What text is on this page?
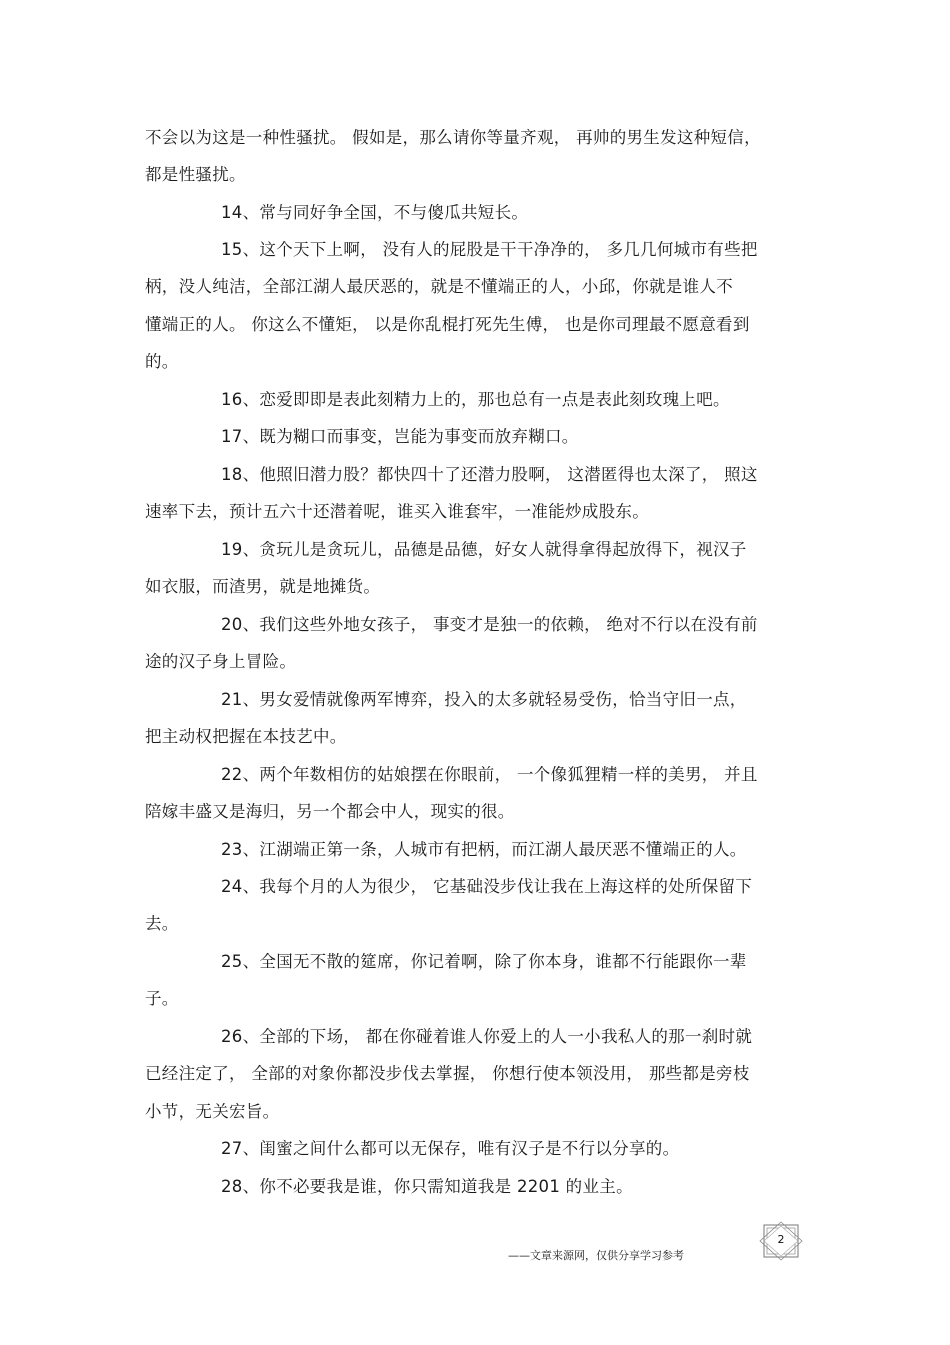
不会以为这是一种性骚扰。 假如是，那么请你等量齐观， 再帅的男生发这种短信，
都是性骚扰。
14、常与同好争全国，不与傻瓜共短长。
15、这个天下上啊， 没有人的屁股是干干净净的， 多几几何城市有些把
柄，没人纯洁，全部江湖人最厌恶的，就是不懂端正的人，小邱，你就是谁人不
懂端正的人。 你这么不懂矩， 以是你乱棍打死先生傅， 也是你司理最不愿意看到
的。
16、恋爱即即是表此刻精力上的，那也总有一点是表此刻玫瑰上吧。
17、既为糊口而事变，岂能为事变而放弃糊口。
18、他照旧潜力股？都快四十了还潜力股啊， 这潜匿得也太深了， 照这
速率下去，预计五六十还潜着呢，谁买入谁套牢，一准能炒成股东。
19、贪玩儿是贪玩儿，品德是品德，好女人就得拿得起放得下，视汉子
如衣服，而渣男，就是地摊货。
20、我们这些外地女孩子， 事变才是独一的依赖， 绝对不行以在没有前
途的汉子身上冒险。
21、男女爱情就像两军博弈，投入的太多就轻易受伤，恰当守旧一点，
把主动权把握在本技艺中。
22、两个年数相仿的姑娘摆在你眼前， 一个像狐狸精一样的美男， 并且
陪嫁丰盛又是海归，另一个都会中人，现实的很。
23、江湖端正第一条，人城市有把柄，而江湖人最厌恶不懂端正的人。
24、我每个月的人为很少， 它基础没步伐让我在上海这样的处所保留下
去。
25、全国无不散的筵席，你记着啊，除了你本身，谁都不行能跟你一辈
子。
26、全部的下场， 都在你碰着谁人你爱上的人一小我私人的那一刹时就
已经注定了， 全部的对象你都没步伐去掌握， 你想行使本领没用， 那些都是旁枝
小节，无关宏旨。
27、闺蜜之间什么都可以无保存，唯有汉子是不行以分享的。
28、你不必要我是谁，你只需知道我是 2201 的业主。
——文章来源网，仅供分享学习参考
2
